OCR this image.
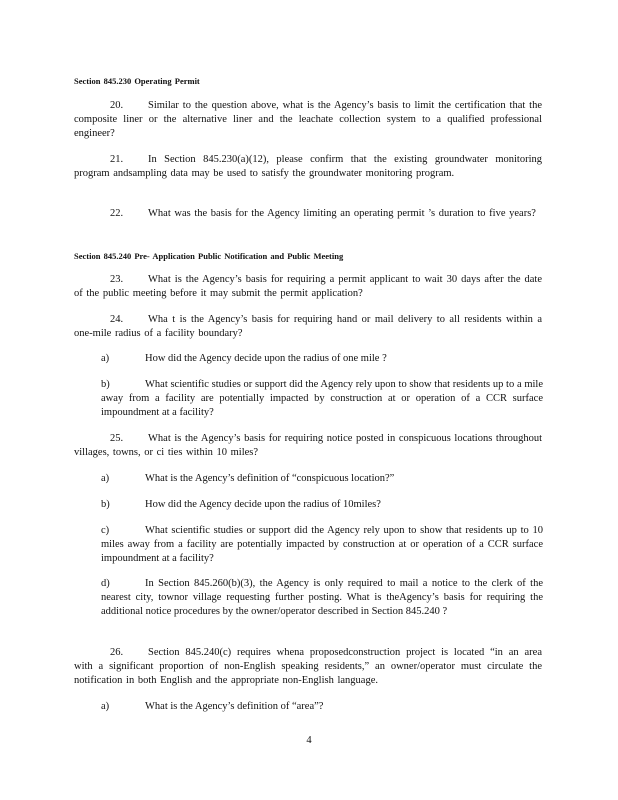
Section 845.230 Operating Permit
20. Similar to the question above, what is the Agency’s basis to limit the certification that the composite liner or the alternative liner and the leachate collection system to a qualified professional engineer?
21. In Section 845.230(a)(12), please confirm that the existing groundwater monitoring program andsampling data may be used to satisfy the groundwater monitoring program.
22. What was the basis for the Agency limiting an operating permit ’s duration to five years?
Section 845.240 Pre- Application Public Notification and Public Meeting
23. What is the Agency’s basis for requiring a permit applicant to wait 30 days after the date of the public meeting before it may submit the permit application?
24. Wha t is the Agency’s basis for requiring hand or mail delivery to all residents within a one-mile radius of a facility boundary?
a)	How did the Agency decide upon the radius of one mile ?
b)	What scientific studies or support did the Agency rely upon to show that residents up to a mile away from a facility are potentially impacted by construction at or operation of a CCR surface impoundment at a facility?
25. What is the Agency’s basis for requiring notice posted in conspicuous locations throughout villages, towns, or ci ties within 10 miles?
a)	What is the Agency’s definition of “conspicuous location?”
b)	How did the Agency decide upon the radius of 10miles?
c)	What scientific studies or support did the Agency rely upon to show that residents up to 10 miles away from a facility are potentially impacted by construction at or operation of a CCR surface impoundment at a facility?
d)	In Section 845.260(b)(3), the Agency is only required to mail a notice to the clerk of the nearest city, townor village requesting further posting. What is theAgency’s basis for requiring the additional notice procedures by the owner/operator described in Section 845.240 ?
26. Section 845.240(c) requires whena proposedconstruction project is located “in an area with a significant proportion of non-English speaking residents,” an owner/operator must circulate the notification in both English and the appropriate non-English language.
a)	What is the Agency’s definition of “area”?
4
